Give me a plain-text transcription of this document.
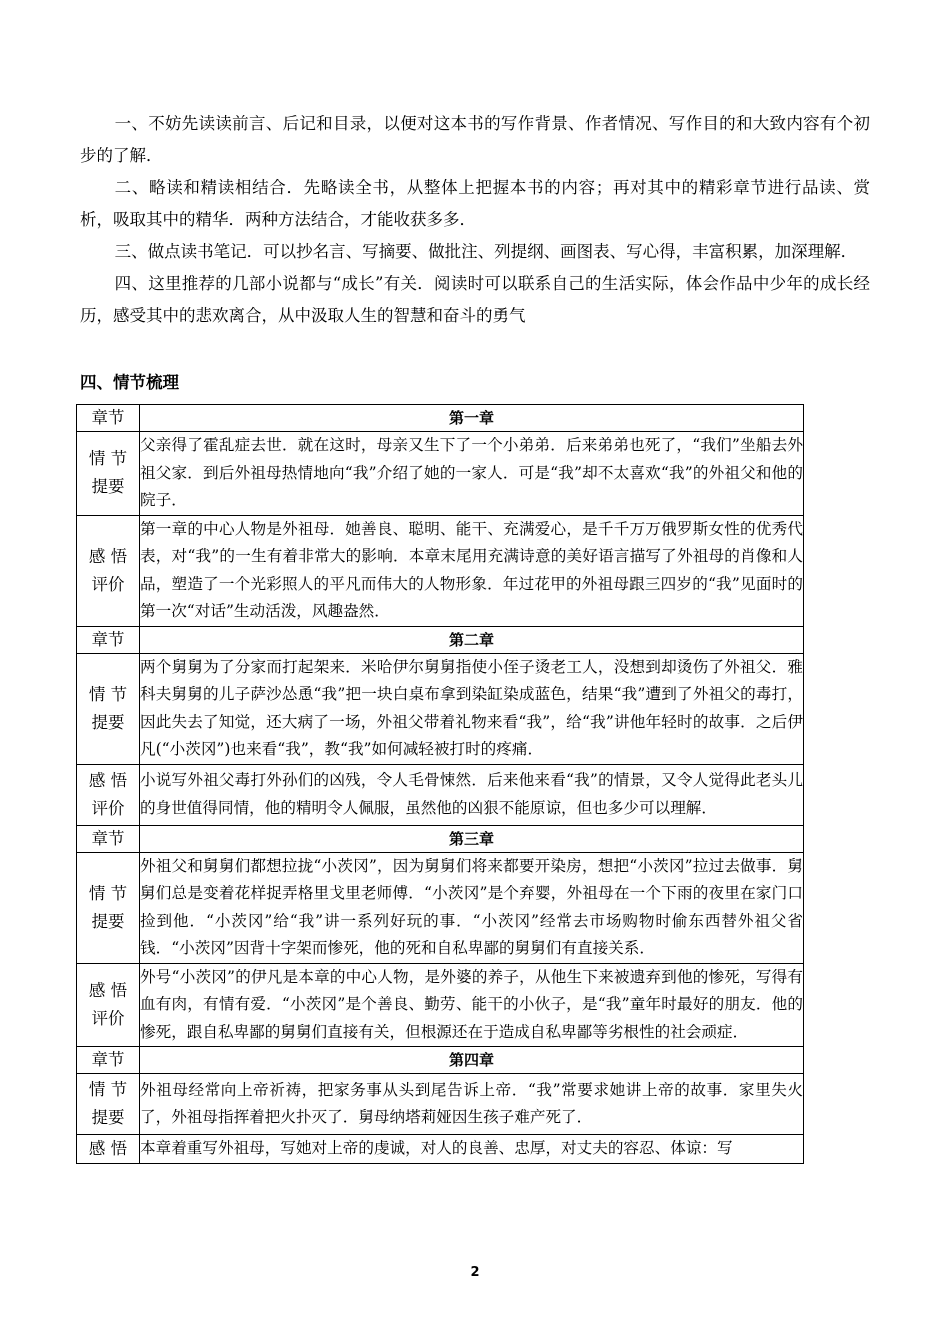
一、不妨先读读前言、后记和目录，以便对这本书的写作背景、作者情况、写作目的和大致内容有个初步的了解．

二、略读和精读相结合．先略读全书，从整体上把握本书的内容；再对其中的精彩章节进行品读、赏析，吸取其中的精华．两种方法结合，才能收获多多．

三、做点读书笔记．可以抄名言、写摘要、做批注、列提纲、画图表、写心得，丰富积累，加深理解．

四、这里推荐的几部小说都与“成长”有关．阅读时可以联系自己的生活实际，体会作品中少年的成长经历，感受其中的悲欢离合，从中汲取人生的智慧和奋斗的勇气

四、情节梳理
章节	第一章

情 节
提要	父亲得了霍乱症去世．就在这时，母亲又生下了一个小弟弟．后来弟弟也死了，“我们”坐船去外祖父家．到后外祖母热情地向“我”介绍了她的一家人．可是“我”却不太喜欢“我”的外祖父和他的院子．

感 悟
评价	第一章的中心人物是外祖母．她善良、聪明、能干、充满爱心，是千千万万俄罗斯女性的优秀代表，对“我”的一生有着非常大的影响．本章末尾用充满诗意的美好语言描写了外祖母的肖像和人品，塑造了一个光彩照人的平凡而伟大的人物形象．年过花甲的外祖母跟三四岁的“我”见面时的第一次“对话”生动活泼，风趣盎然．
章节	第二章

情 节
提要	两个舅舅为了分家而打起架来．米哈伊尔舅舅指使小侄子烫老工人，没想到却烫伤了外祖父．雅科夫舅舅的儿子萨沙怂恿“我”把一块白桌布拿到染缸染成蓝色，结果“我”遭到了外祖父的毒打，因此失去了知觉，还大病了一场，外祖父带着礼物来看“我”，给“我”讲他年轻时的故事．之后伊凡(“小茨冈”)也来看“我”，教“我”如何减轻被打时的疼痛．

感 悟
评价	小说写外祖父毒打外孙们的凶残，令人毛骨悚然．后来他来看“我”的情景，又令人觉得此老头儿的身世值得同情，他的精明令人佩服，虽然他的凶狠不能原谅，但也多少可以理解．
章节	第三章

情 节
提要	外祖父和舅舅们都想拉拢“小茨冈”，因为舅舅们将来都要开染房，想把“小茨冈”拉过去做事．舅舅们总是变着花样捉弄格里戈里老师傅．“小茨冈”是个弃婴，外祖母在一个下雨的夜里在家门口捡到他．“小茨冈”给“我”讲一系列好玩的事．“小茨冈”经常去市场购物时偷东西替外祖父省钱．“小茨冈”因背十字架而惨死，他的死和自私卑鄙的舅舅们有直接关系．

感 悟
评价	外号“小茨冈”的伊凡是本章的中心人物，是外婆的养子，从他生下来被遗弃到他的惨死，写得有血有肉，有情有爱．“小茨冈”是个善良、勤劳、能干的小伙子，是“我”童年时最好的朋友．他的惨死，跟自私卑鄙的舅舅们直接有关，但根源还在于造成自私卑鄙等劣根性的社会顽症．
章节	第四章

情 节
提要	外祖母经常向上帝祈祷，把家务事从头到尾告诉上帝．“我”常要求她讲上帝的故事．家里失火了，外祖母指挥着把火扑灭了．舅母纳塔莉娅因生孩子难产死了．

感 悟	本章着重写外祖母，写她对上帝的虔诚，对人的良善、忠厚，对丈夫的容忍、体谅：写
2
